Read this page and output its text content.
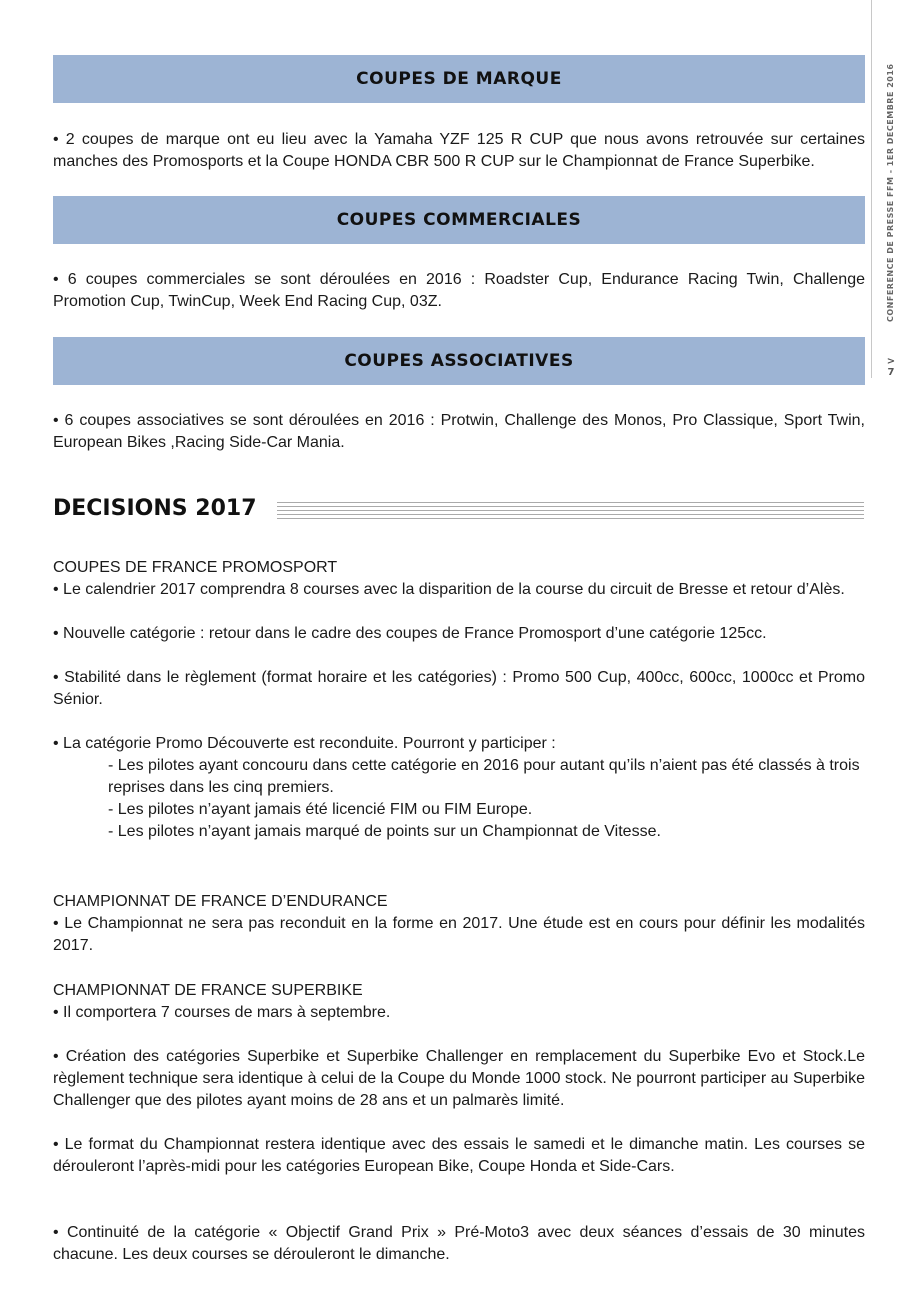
CONFERENCE DE PRESSE FFM - 1ER DECEMBRE 2016
> 7
COUPES DE MARQUE

• 2 coupes de marque ont eu lieu avec la Yamaha YZF 125 R CUP que nous avons retrouvée sur certaines manches des Promosports et la Coupe HONDA CBR 500 R CUP sur le Championnat de France Superbike.

COUPES COMMERCIALES

• 6 coupes commerciales se sont déroulées en 2016 : Roadster Cup, Endurance Racing Twin, Challenge Promotion Cup, TwinCup, Week End Racing Cup, 03Z.

COUPES ASSOCIATIVES

• 6 coupes associatives se sont déroulées en 2016 : Protwin, Challenge des Monos, Pro Classique, Sport Twin, European Bikes ,Racing Side-Car Mania.

DECISIONS 2017

COUPES DE FRANCE PROMOSPORT

• Le calendrier 2017 comprendra 8 courses avec la disparition de la course du circuit de Bresse et retour d’Alès.

• Nouvelle catégorie : retour dans le cadre des coupes de France Promosport d’une catégorie 125cc.

• Stabilité dans le règlement (format horaire et les catégories) : Promo 500 Cup, 400cc, 600cc, 1000cc et Promo Sénior.

• La catégorie Promo Découverte est reconduite. Pourront y participer :

- Les pilotes ayant concouru dans cette catégorie en 2016 pour autant qu’ils n’aient pas été classés à trois reprises dans les cinq premiers.

- Les pilotes n’ayant jamais été licencié FIM ou FIM Europe.

- Les pilotes n’ayant jamais marqué de points sur un Championnat de Vitesse.

CHAMPIONNAT DE FRANCE D’ENDURANCE

• Le Championnat ne sera pas reconduit en la forme en 2017. Une étude est en cours pour définir les modalités 2017.

CHAMPIONNAT DE FRANCE SUPERBIKE

• Il comportera 7 courses de mars à septembre.

• Création des catégories Superbike et Superbike Challenger en remplacement du Superbike Evo et Stock.Le règlement technique sera identique à celui de la Coupe du Monde 1000 stock. Ne pourront participer au Superbike Challenger que des pilotes ayant moins de 28 ans et un palmarès limité.

• Le format du Championnat restera identique avec des essais le samedi et le dimanche matin. Les courses se dérouleront l’après-midi pour les catégories European Bike, Coupe Honda et Side-Cars.

• Continuité de la catégorie « Objectif Grand Prix » Pré-Moto3 avec deux séances d’essais de 30 minutes chacune. Les deux courses se dérouleront le dimanche.
